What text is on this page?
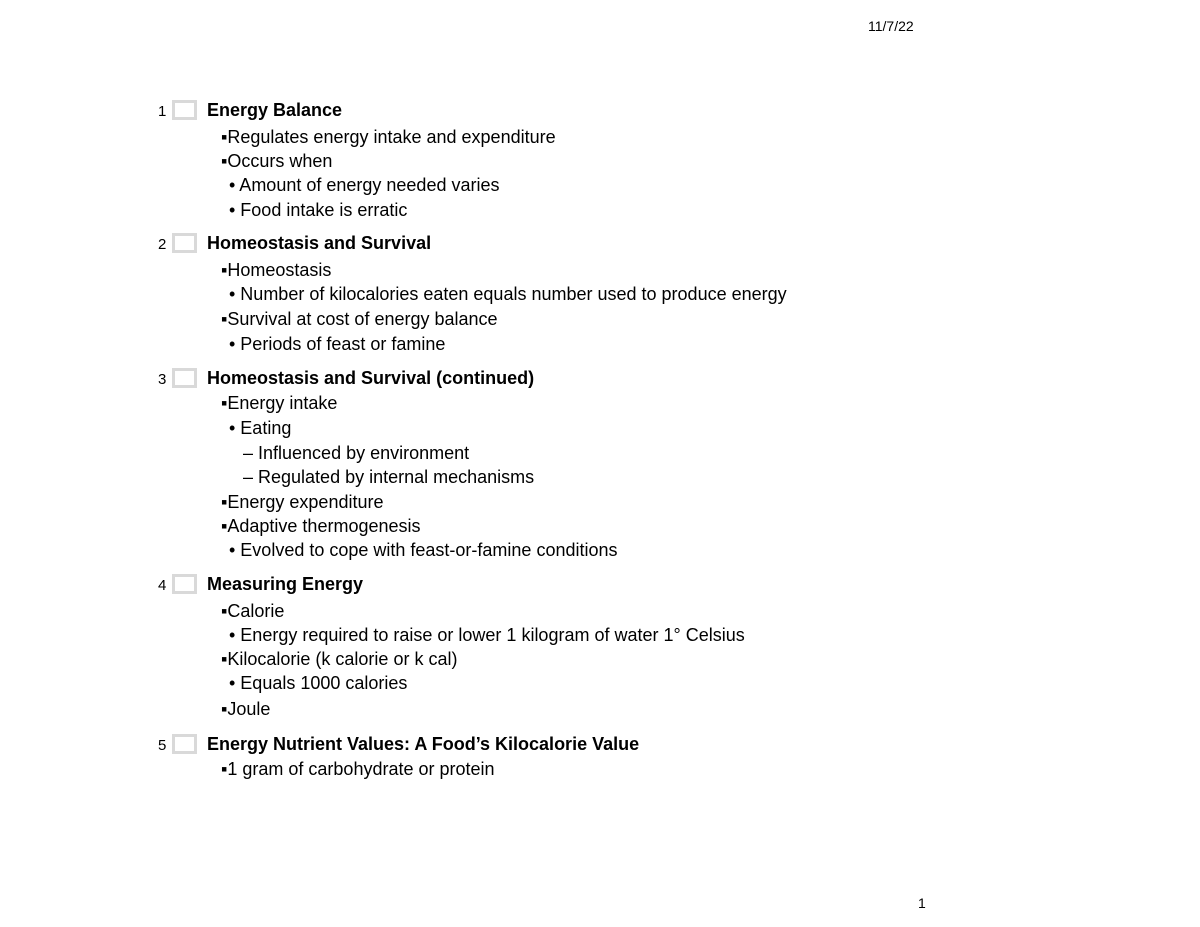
11/7/22
1 Energy Balance
▪Regulates energy intake and expenditure
▪Occurs when
• Amount of energy needed varies
• Food intake is erratic
2 Homeostasis and Survival
▪Homeostasis
• Number of kilocalories eaten equals number used to produce energy
▪Survival at cost of energy balance
• Periods of feast or famine
3 Homeostasis and Survival (continued)
▪Energy intake
• Eating
– Influenced by environment
– Regulated by internal mechanisms
▪Energy expenditure
▪Adaptive thermogenesis
• Evolved to cope with feast-or-famine conditions
4 Measuring Energy
▪Calorie
• Energy required to raise or lower 1 kilogram of water 1° Celsius
▪Kilocalorie (k calorie or k cal)
• Equals 1000 calories
▪Joule
5 Energy Nutrient Values: A Food’s Kilocalorie Value
▪1 gram of carbohydrate or protein
1
